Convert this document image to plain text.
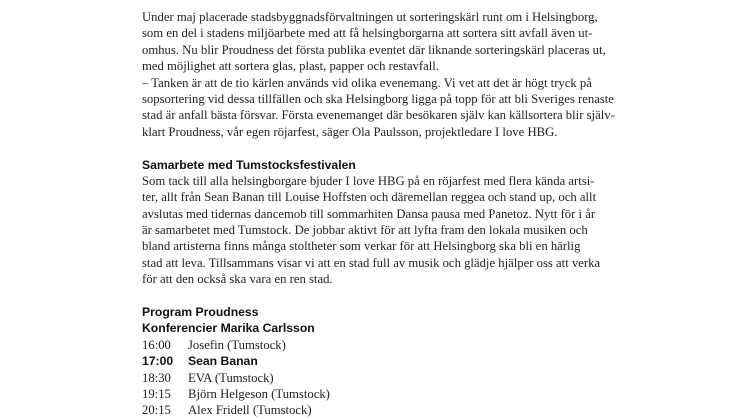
Under maj placerade stadsbyggnadsförvaltningen ut sorteringskärl runt om i Helsingborg,
som en del i stadens miljöarbete med att få helsingborgarna att sortera sitt avfall även ut-
omhus. Nu blir Proudness det första publika eventet där liknande sorteringskärl placeras ut,
med möjlighet att sortera glas, plast, papper och restavfall.
– Tanken är att de tio kärlen används vid olika evenemang. Vi vet att det är högt tryck på
sopsortering vid dessa tillfällen och ska Helsingborg ligga på topp för att bli Sveriges renaste
stad är anfall bästa försvar. Första evenemanget där besökaren själv kan källsortera blir själv-
klart Proudness, vår egen röjarfest, säger Ola Paulsson, projektledare I love HBG.
Samarbete med Tumstocksfestivalen
Som tack till alla helsingborgare bjuder I love HBG på en röjarfest med flera kända artsi-
ter, allt från Sean Banan till Louise Hoffsten och däremellan reggea och stand up, och allt
avslutas med tidernas dancemob till sommarhiten Dansa pausa med Panetoz. Nytt för i år
är samarbetet med Tumstock. De jobbar aktivt för att lyfta fram den lokala musiken och
bland artisterna finns många stoltheter som verkar för att Helsingborg ska bli en härlig
stad att leva. Tillsammans visar vi att en stad full av musik och glädje hjälper oss att verka
för att den också ska vara en ren stad.
Program Proudness
Konferencier Marika Carlsson
16:00	Josefin (Tumstock)
17:00	Sean Banan
18:30	EVA (Tumstock)
19:15	Björn Helgeson (Tumstock)
20:15	Alex Fridell (Tumstock)
